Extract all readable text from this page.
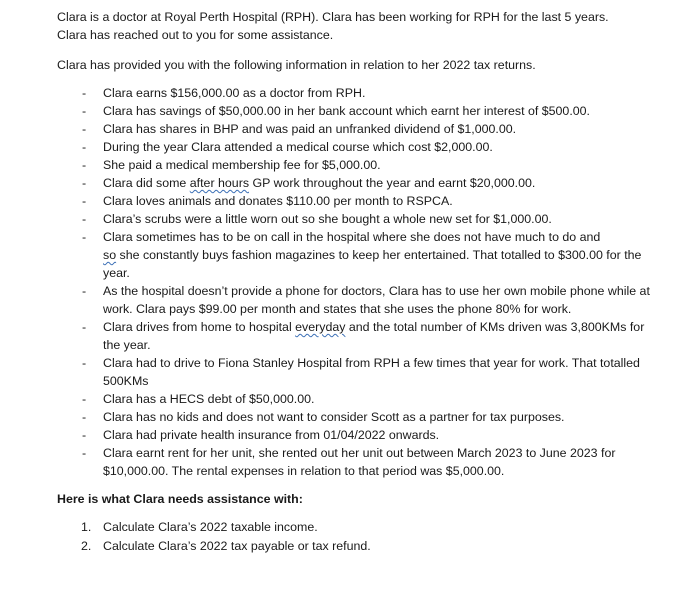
Clara is a doctor at Royal Perth Hospital (RPH). Clara has been working for RPH for the last 5 years.
Clara has reached out to you for some assistance.

Clara has provided you with the following information in relation to her 2022 tax returns.

- Clara earns $156,000.00 as a doctor from RPH.
- Clara has savings of $50,000.00 in her bank account which earnt her interest of $500.00.
- Clara has shares in BHP and was paid an unfranked dividend of $1,000.00.
- During the year Clara attended a medical course which cost $2,000.00.
- She paid a medical membership fee for $5,000.00.
- Clara did some after hours GP work throughout the year and earnt $20,000.00.
- Clara loves animals and donates $110.00 per month to RSPCA.
- Clara’s scrubs were a little worn out so she bought a whole new set for $1,000.00.
- Clara sometimes has to be on call in the hospital where she does not have much to do and
so she constantly buys fashion magazines to keep her entertained. That totalled to $300.00 for the year.
- As the hospital doesn’t provide a phone for doctors, Clara has to use her own mobile phone while at work. Clara pays $99.00 per month and states that she uses the phone 80% for work.
- Clara drives from home to hospital everyday and the total number of KMs driven was 3,800KMs for the year.
- Clara had to drive to Fiona Stanley Hospital from RPH a few times that year for work. That totalled 500KMs
- Clara has a HECS debt of $50,000.00.
- Clara has no kids and does not want to consider Scott as a partner for tax purposes.
- Clara had private health insurance from 01/04/2022 onwards.
- Clara earnt rent for her unit, she rented out her unit out between March 2023 to June 2023 for $10,000.00. The rental expenses in relation to that period was $5,000.00.

Here is what Clara needs assistance with:

1. Calculate Clara’s 2022 taxable income.
2. Calculate Clara’s 2022 tax payable or tax refund.
